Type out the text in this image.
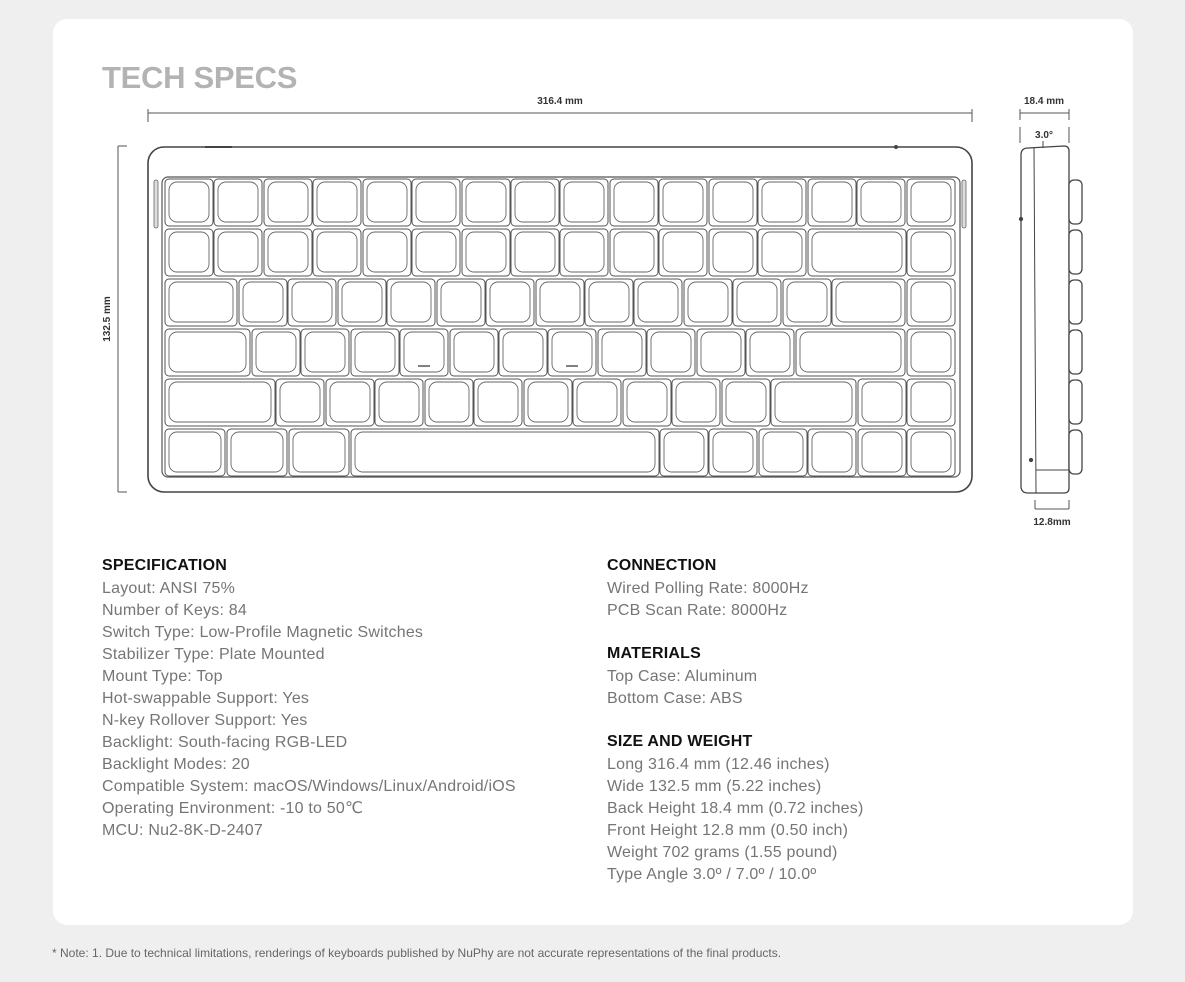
TECH SPECS
316.4 mm
132.5 mm
18.4 mm
3.0°
12.8mm
SPECIFICATION
Layout: ANSI 75%
Number of Keys: 84
Switch Type: Low-Profile Magnetic Switches
Stabilizer Type: Plate Mounted
Mount Type: Top
Hot-swappable Support: Yes
N-key Rollover Support: Yes
Backlight: South-facing RGB-LED
Backlight Modes: 20
Compatible System: macOS/Windows/Linux/Android/iOS
Operating Environment: -10 to 50℃
MCU: Nu2-8K-D-2407
CONNECTION
Wired Polling Rate: 8000Hz
PCB Scan Rate: 8000Hz
MATERIALS
Top Case: Aluminum
Bottom Case: ABS
SIZE AND WEIGHT
Long 316.4 mm (12.46 inches)
Wide 132.5 mm (5.22 inches)
Back Height 18.4 mm (0.72 inches)
Front Height 12.8 mm (0.50 inch)
Weight 702 grams (1.55 pound)
Type Angle 3.0º / 7.0º / 10.0º
* Note: 1. Due to technical limitations, renderings of keyboards published by NuPhy are not accurate representations of the final products.
